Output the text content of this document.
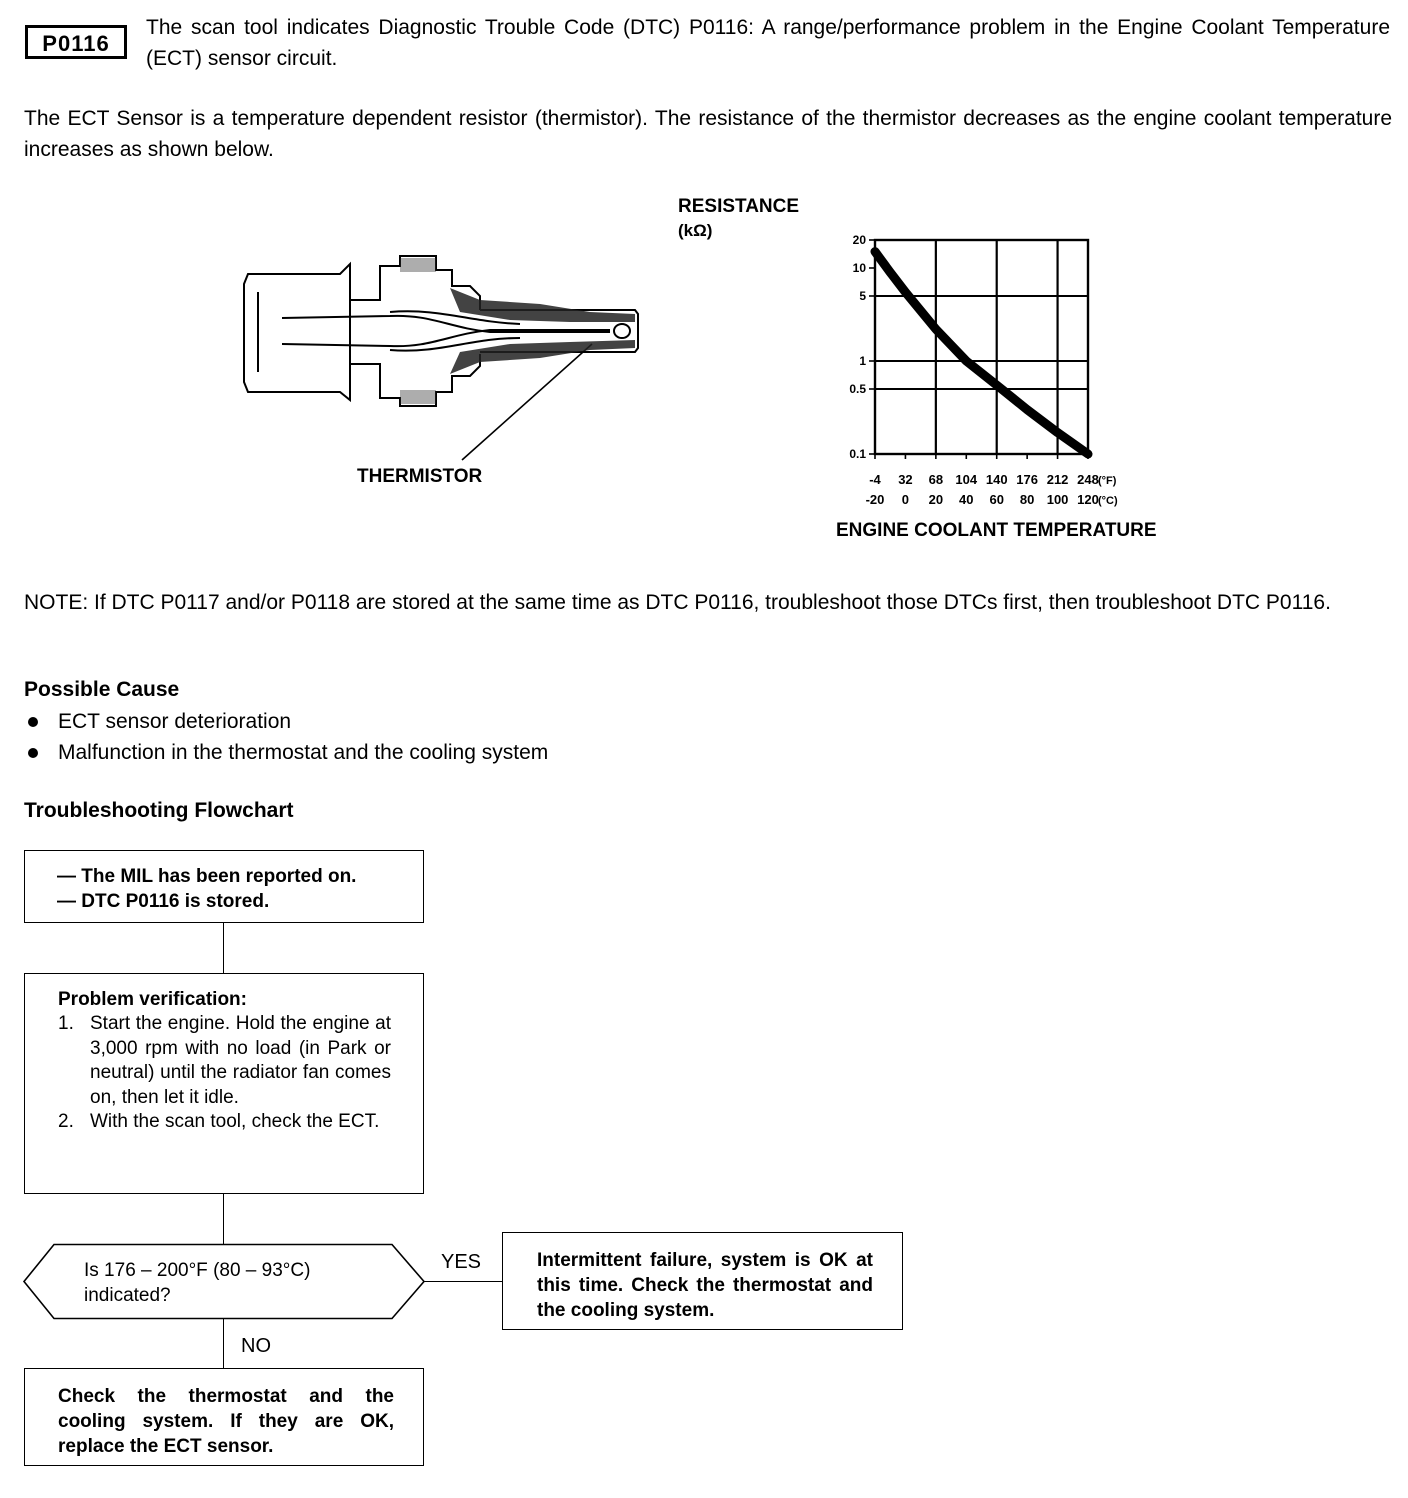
P0116
The scan tool indicates Diagnostic Trouble Code (DTC) P0116: A range/performance problem in the Engine Coolant Temperature (ECT) sensor circuit.
The ECT Sensor is a temperature dependent resistor (thermistor). The resistance of the thermistor decreases as the engine coolant temperature increases as shown below.
THERMISTOR
RESISTANCE
(kΩ)
-4
-20
32
0
68
20
104
40
140
60
176
80
212
100
248
120
(°F)
(°C)
20
10
5
1
0.5
0.1
ENGINE COOLANT TEMPERATURE
NOTE: If DTC P0117 and/or P0118 are stored at the same time as DTC P0116, troubleshoot those DTCs first, then troubleshoot DTC P0116.
Possible Cause
ECT sensor deterioration
Malfunction in the thermostat and the cooling system
Troubleshooting Flowchart
— The MIL has been reported on.
— DTC P0116 is stored.
Problem verification:
1. Start the engine. Hold the engine at 3,000 rpm with no load (in Park or neutral) until the radiator fan comes on, then let it idle.
2. With the scan tool, check the ECT.
Is 176 – 200°F (80 – 93°C) indicated?
YES	Intermittent failure, system is OK at this time. Check the thermostat and the cooling system.
NO
Check the thermostat and the cooling system. If they are OK, replace the ECT sensor.
